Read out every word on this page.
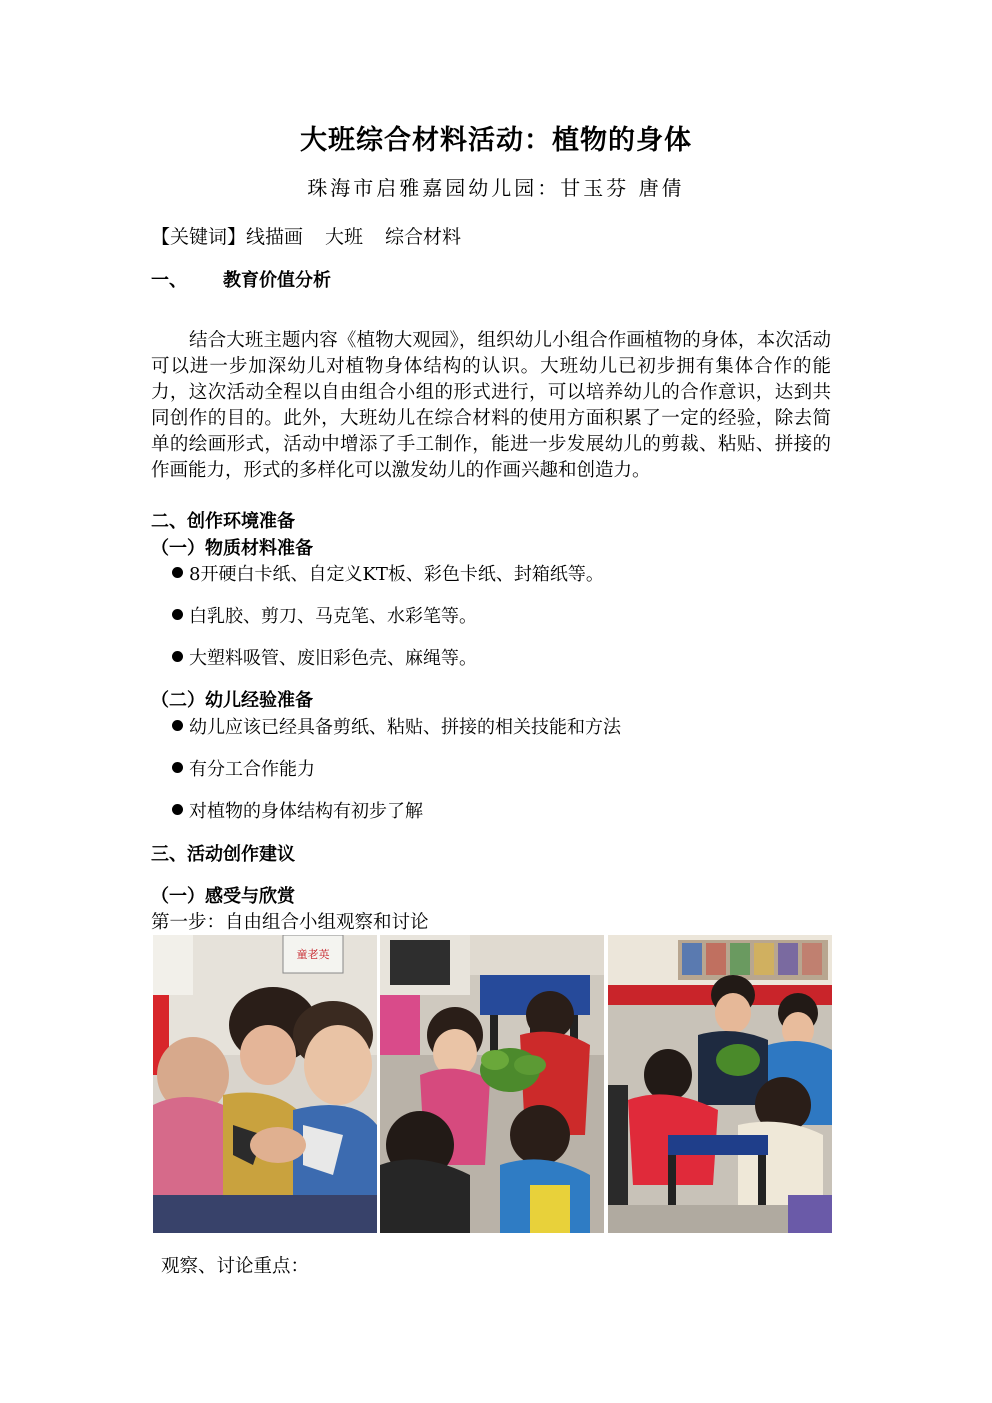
大班综合材料活动：植物的身体
珠海市启雅嘉园幼儿园：甘玉芬 唐倩
【关键词】线描画 大班 综合材料
一、 教育价值分析

结合大班主题内容《植物大观园》，组织幼儿小组合作画植物的身体，本次活动可以进一步加深幼儿对植物身体结构的认识。大班幼儿已初步拥有集体合作的能力，这次活动全程以自由组合小组的形式进行，可以培养幼儿的合作意识，达到共同创作的目的。此外，大班幼儿在综合材料的使用方面积累了一定的经验，除去简单的绘画形式，活动中增添了手工制作，能进一步发展幼儿的剪裁、粘贴、拼接的作画能力，形式的多样化可以激发幼儿的作画兴趣和创造力。

二、创作环境准备
（一）物质材料准备
8开硬白卡纸、自定义KT板、彩色卡纸、封箱纸等。
白乳胶、剪刀、马克笔、水彩笔等。
大塑料吸管、废旧彩色壳、麻绳等。
（二）幼儿经验准备
幼儿应该已经具备剪纸、粘贴、拼接的相关技能和方法
有分工合作能力
对植物的身体结构有初步了解
三、活动创作建议
（一）感受与欣赏
第一步：自由组合小组观察和讨论
童老英
观察、讨论重点：
